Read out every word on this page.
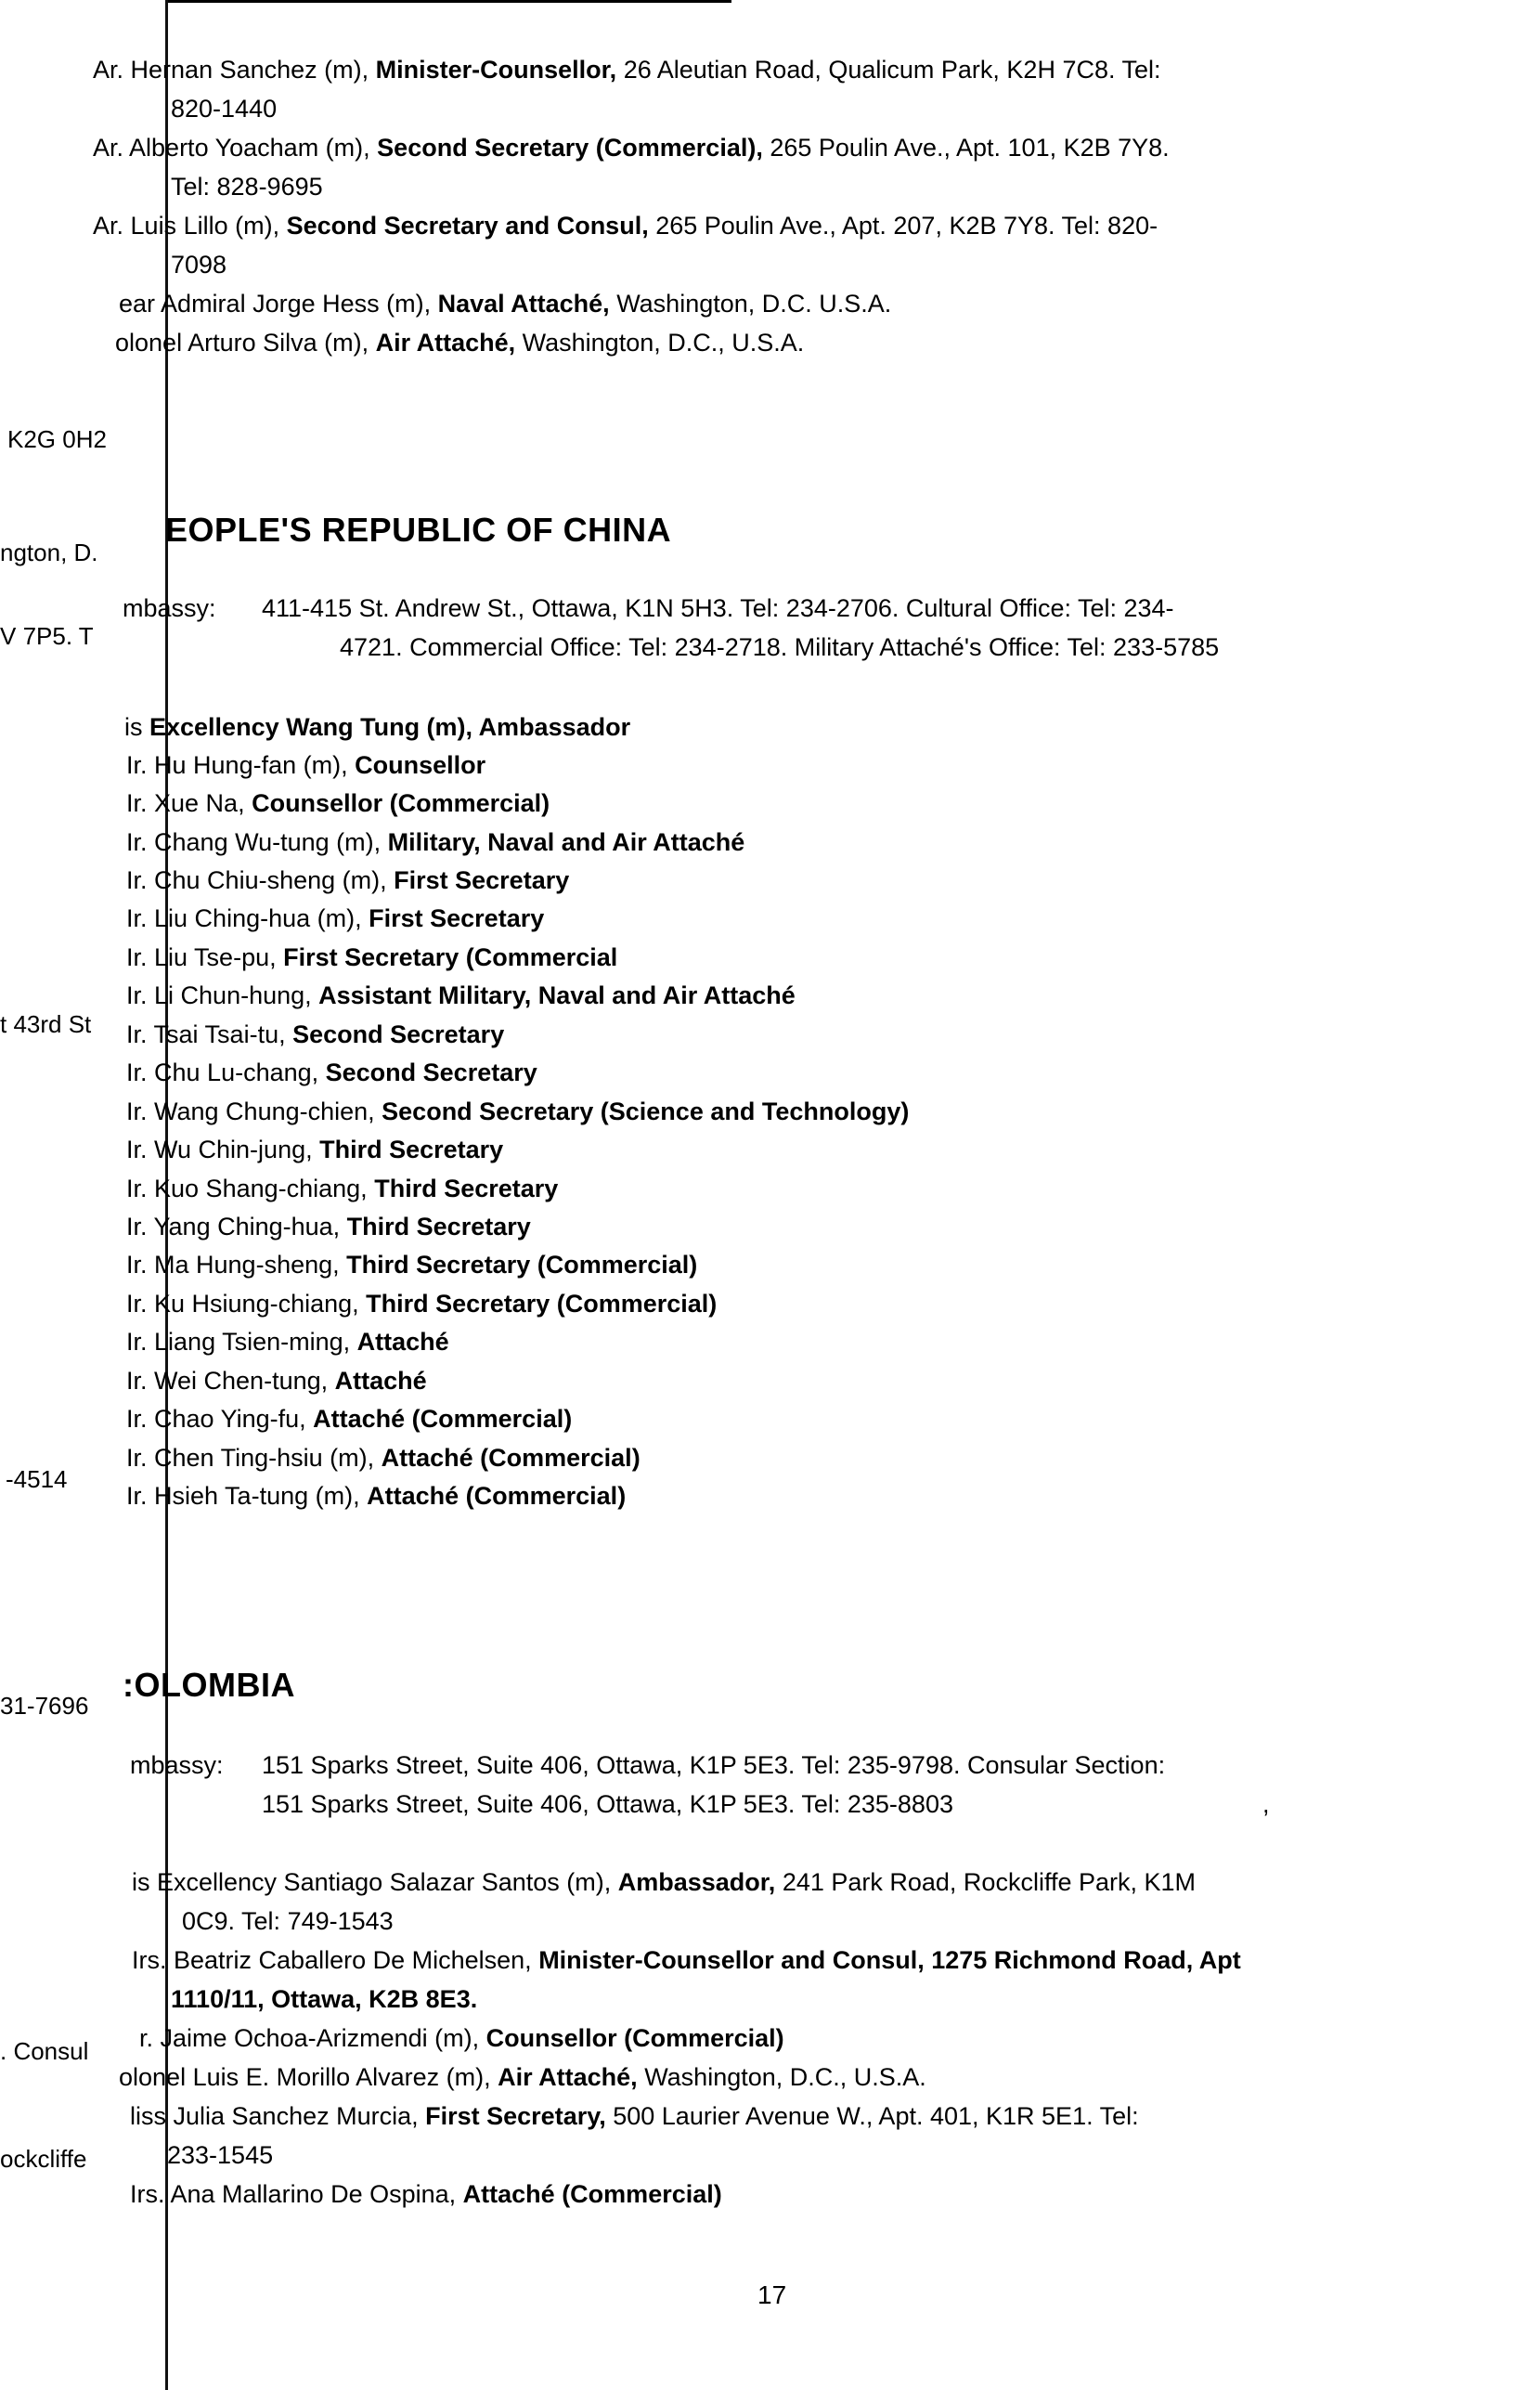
K2G 0H2
ngton, D.
V 7P5. T
t 43rd St
-4514
31-7696
. Consul
ockcliffe
Ar. Hernan Sanchez (m), Minister-Counsellor, 26 Aleutian Road, Qualicum Park, K2H 7C8. Tel:
820-1440
Ar. Alberto Yoacham (m), Second Secretary (Commercial), 265 Poulin Ave., Apt. 101, K2B 7Y8.
Tel: 828-9695
Ar. Luis Lillo (m), Second Secretary and Consul, 265 Poulin Ave., Apt. 207, K2B 7Y8. Tel: 820-
7098
ear Admiral Jorge Hess (m), Naval Attaché, Washington, D.C. U.S.A.
olonel Arturo Silva (m), Air Attaché, Washington, D.C., U.S.A.
EOPLE'S REPUBLIC OF CHINA
mbassy: 411-415 St. Andrew St., Ottawa, K1N 5H3. Tel: 234-2706. Cultural Office: Tel: 234-
4721. Commercial Office: Tel: 234-2718. Military Attaché's Office: Tel: 233-5785
is Excellency Wang Tung (m), Ambassador
Ir. Hu Hung-fan (m), Counsellor
Ir. Xue Na, Counsellor (Commercial)
Ir. Chang Wu-tung (m), Military, Naval and Air Attaché
Ir. Chu Chiu-sheng (m), First Secretary
Ir. Liu Ching-hua (m), First Secretary
Ir. Liu Tse-pu, First Secretary (Commercial
Ir. Li Chun-hung, Assistant Military, Naval and Air Attaché
Ir. Tsai Tsai-tu, Second Secretary
Ir. Chu Lu-chang, Second Secretary
Ir. Wang Chung-chien, Second Secretary (Science and Technology)
Ir. Wu Chin-jung, Third Secretary
Ir. Kuo Shang-chiang, Third Secretary
Ir. Yang Ching-hua, Third Secretary
Ir. Ma Hung-sheng, Third Secretary (Commercial)
Ir. Ku Hsiung-chiang, Third Secretary (Commercial)
Ir. Liang Tsien-ming, Attaché
Ir. Wei Chen-tung, Attaché
Ir. Chao Ying-fu, Attaché (Commercial)
Ir. Chen Ting-hsiu (m), Attaché (Commercial)
Ir. Hsieh Ta-tung (m), Attaché (Commercial)
:OLOMBIA
mbassy: 151 Sparks Street, Suite 406, Ottawa, K1P 5E3. Tel: 235-9798. Consular Section:
151 Sparks Street, Suite 406, Ottawa, K1P 5E3. Tel: 235-8803	,
is Excellency Santiago Salazar Santos (m), Ambassador, 241 Park Road, Rockcliffe Park, K1M
0C9. Tel: 749-1543
Irs. Beatriz Caballero De Michelsen, Minister-Counsellor and Consul, 1275 Richmond Road, Apt
1110/11, Ottawa, K2B 8E3.
r. Jaime Ochoa-Arizmendi (m), Counsellor (Commercial)
olonel Luis E. Morillo Alvarez (m), Air Attaché, Washington, D.C., U.S.A.
liss Julia Sanchez Murcia, First Secretary, 500 Laurier Avenue W., Apt. 401, K1R 5E1. Tel:
233-1545
Irs. Ana Mallarino De Ospina, Attaché (Commercial)
17
